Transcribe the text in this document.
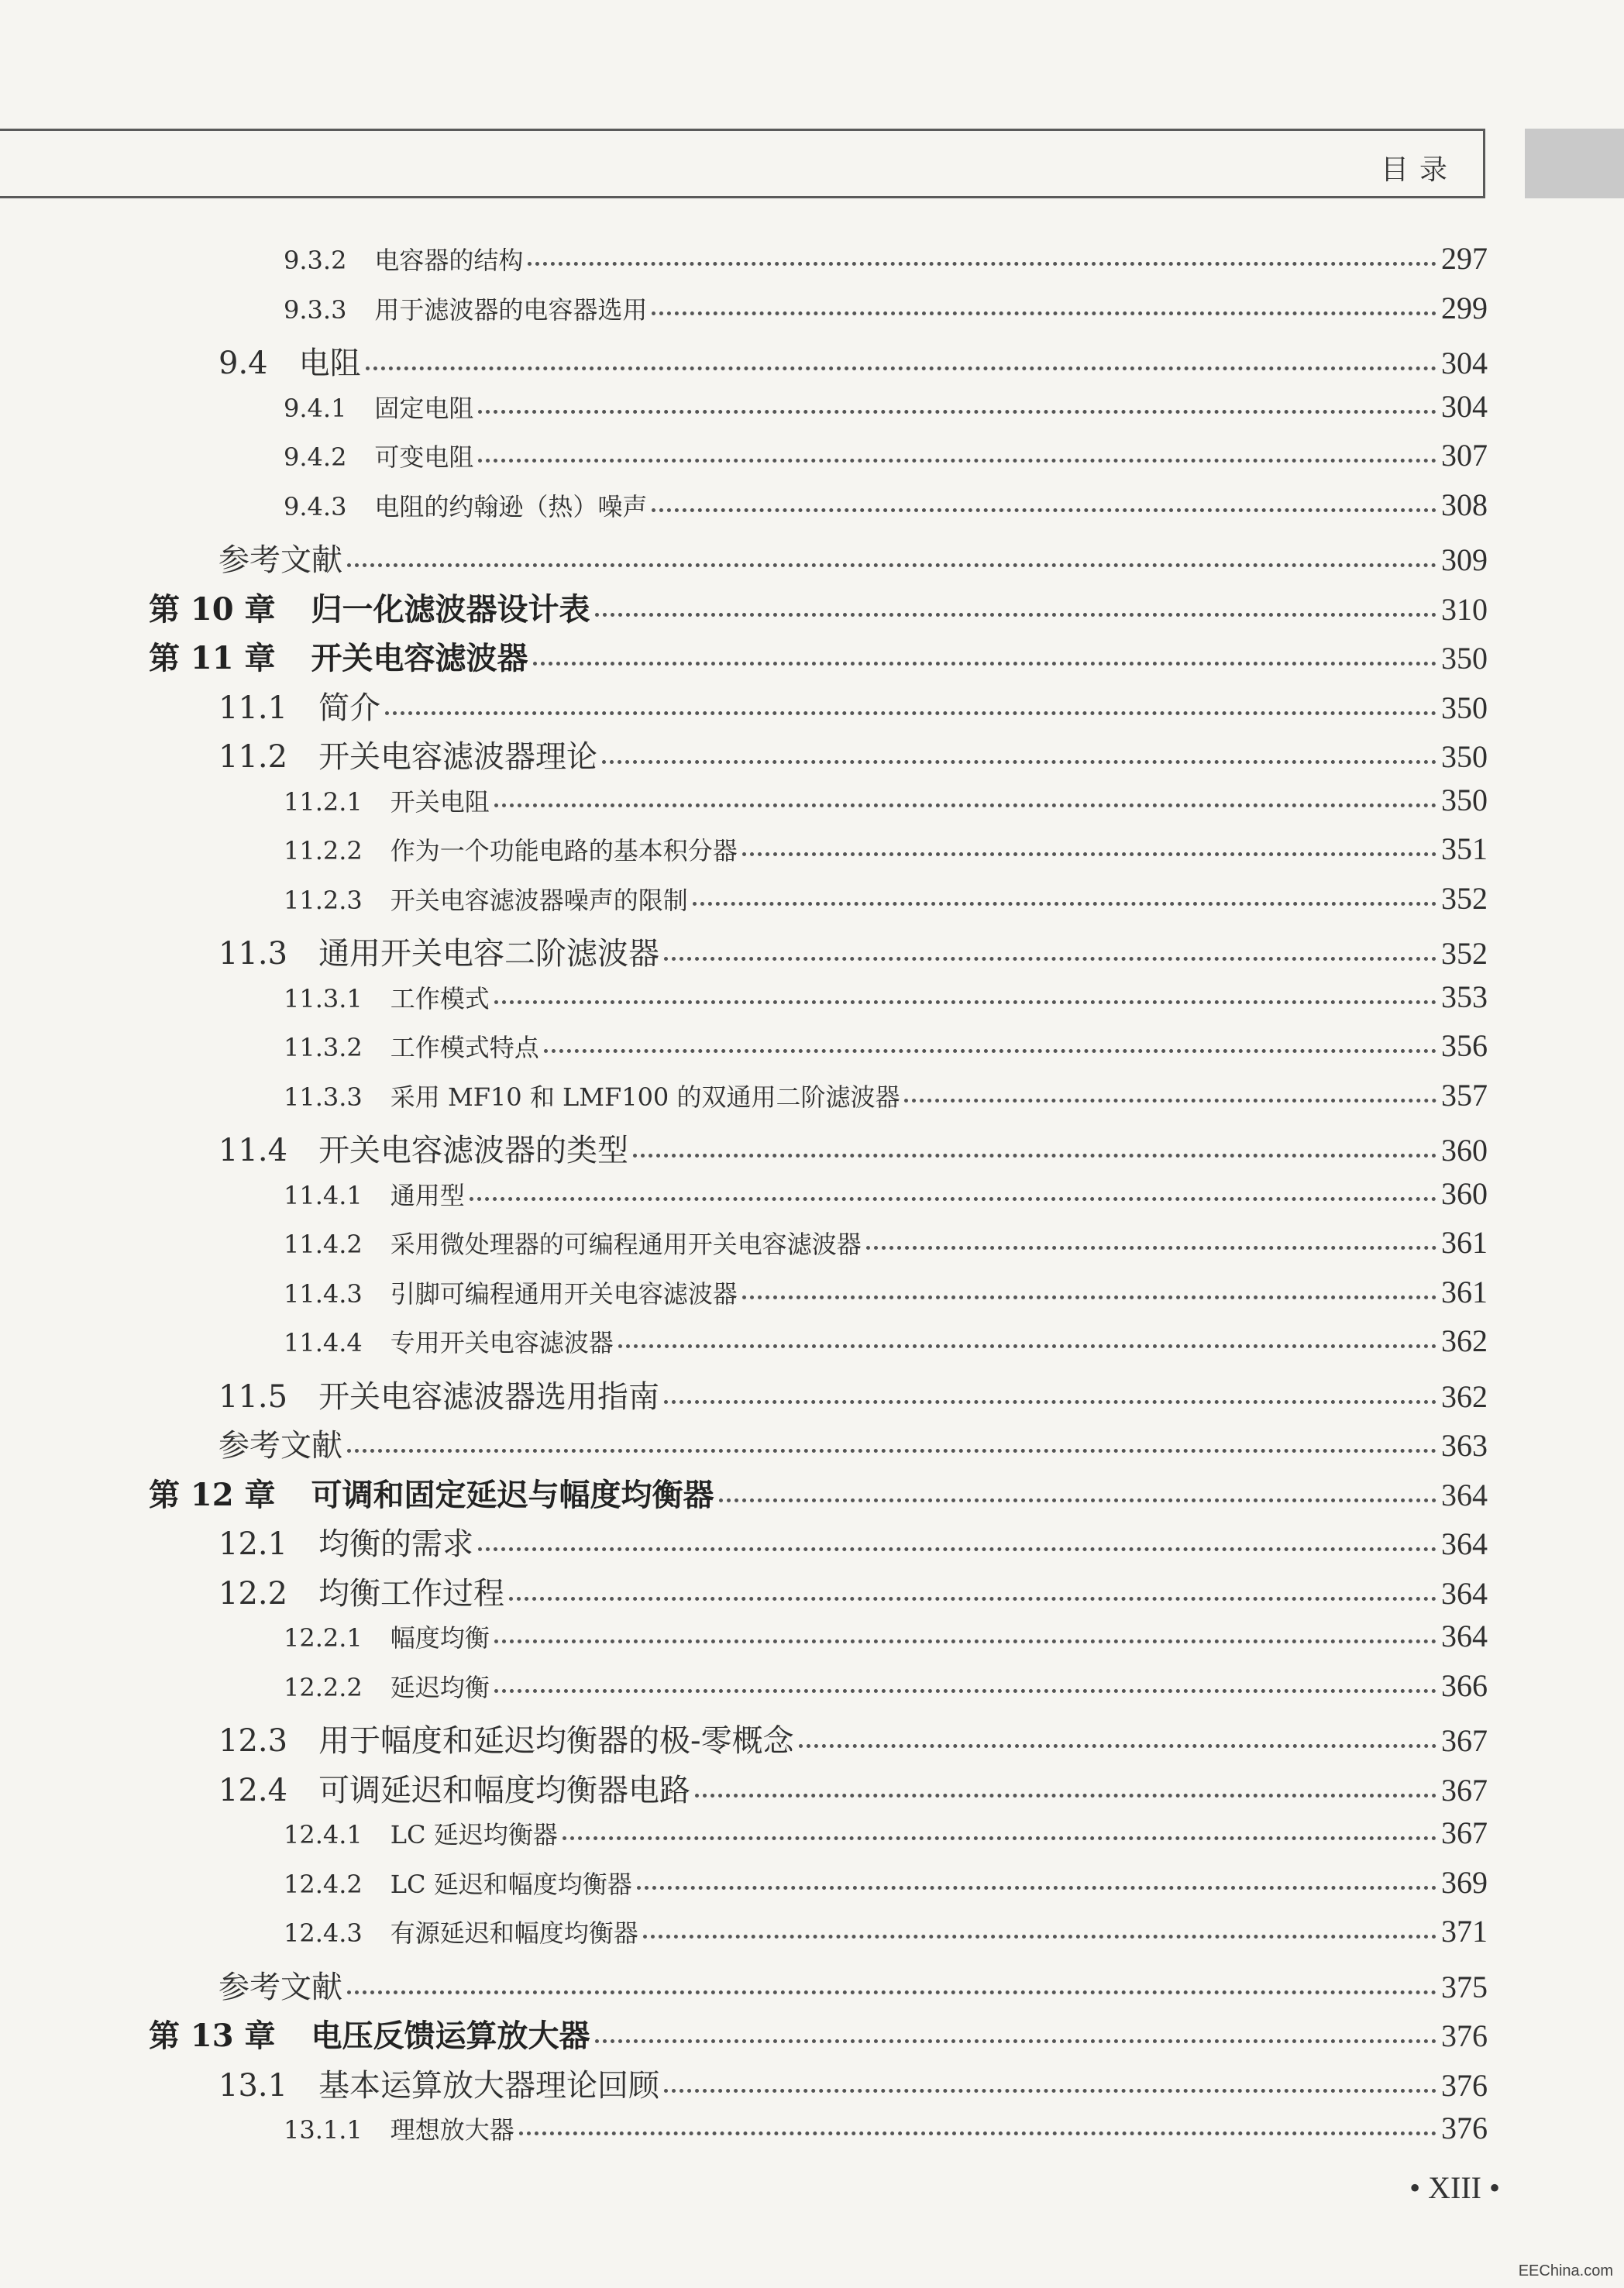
目录
9.3.2 电容器的结构	297
9.3.3 用于滤波器的电容器选用	299
9.4 电阻	304
9.4.1 固定电阻	304
9.4.2 可变电阻	307
9.4.3 电阻的约翰逊（热）噪声	308
参考文献	309
第 10 章 归一化滤波器设计表	310
第 11 章 开关电容滤波器	350
11.1 简介	350
11.2 开关电容滤波器理论	350
11.2.1 开关电阻	350
11.2.2 作为一个功能电路的基本积分器	351
11.2.3 开关电容滤波器噪声的限制	352
11.3 通用开关电容二阶滤波器	352
11.3.1 工作模式	353
11.3.2 工作模式特点	356
11.3.3 采用 MF10 和 LMF100 的双通用二阶滤波器	357
11.4 开关电容滤波器的类型	360
11.4.1 通用型	360
11.4.2 采用微处理器的可编程通用开关电容滤波器	361
11.4.3 引脚可编程通用开关电容滤波器	361
11.4.4 专用开关电容滤波器	362
11.5 开关电容滤波器选用指南	362
参考文献	363
第 12 章 可调和固定延迟与幅度均衡器	364
12.1 均衡的需求	364
12.2 均衡工作过程	364
12.2.1 幅度均衡	364
12.2.2 延迟均衡	366
12.3 用于幅度和延迟均衡器的极-零概念	367
12.4 可调延迟和幅度均衡器电路	367
12.4.1 LC 延迟均衡器	367
12.4.2 LC 延迟和幅度均衡器	369
12.4.3 有源延迟和幅度均衡器	371
参考文献	375
第 13 章 电压反馈运算放大器	376
13.1 基本运算放大器理论回顾	376
13.1.1 理想放大器	376
• XIII •
EEChina.com
